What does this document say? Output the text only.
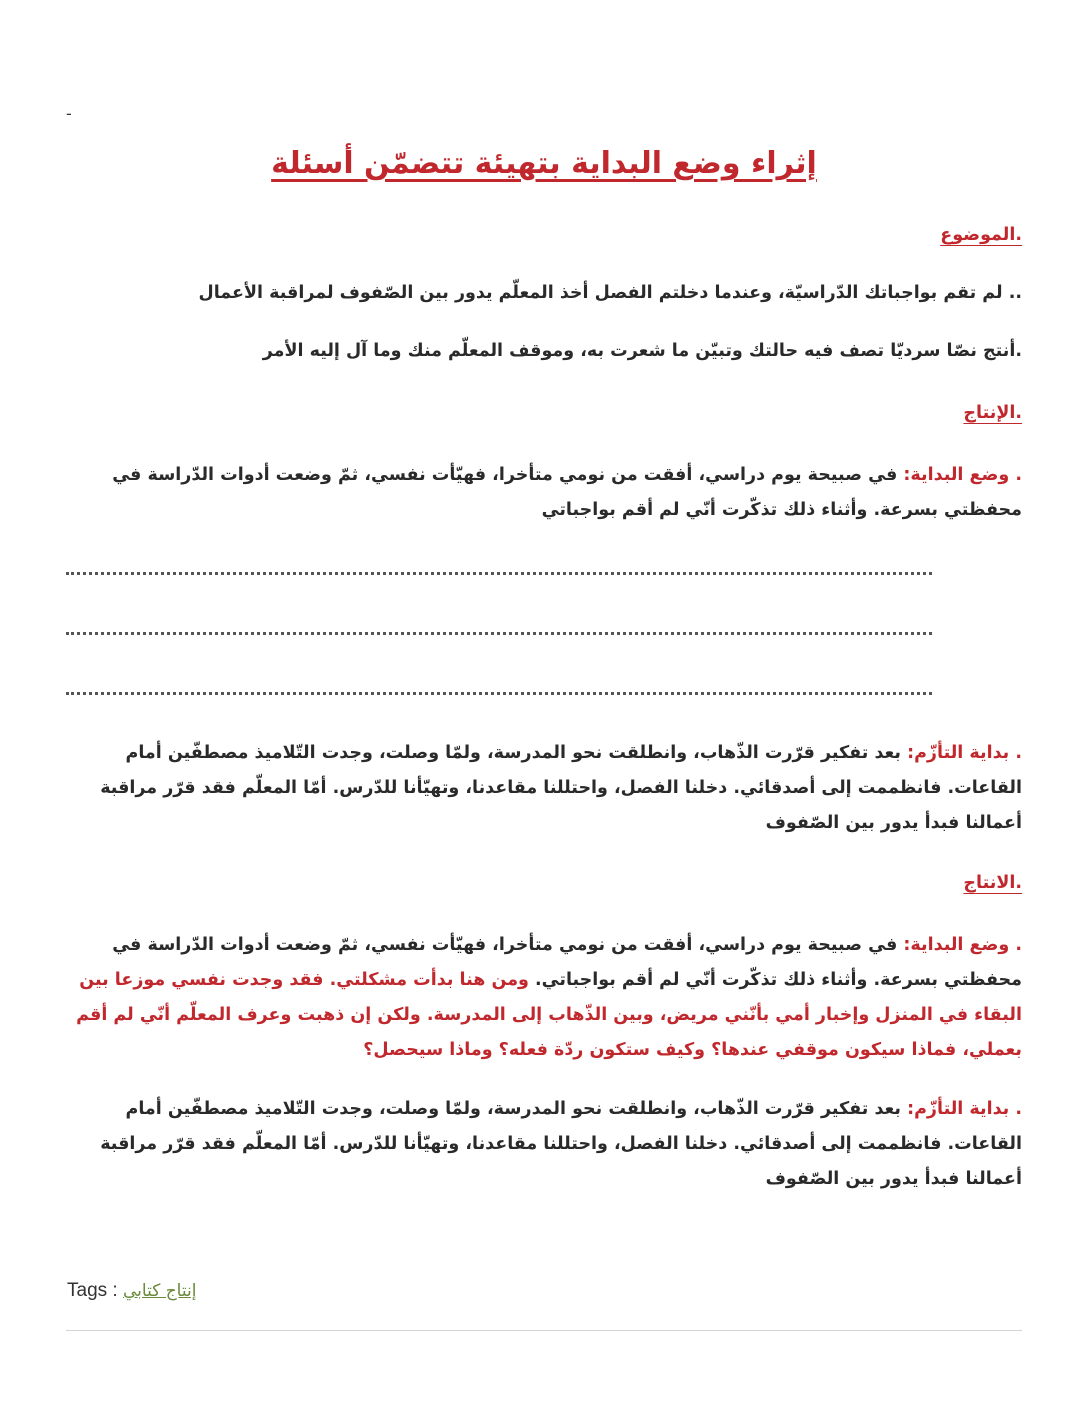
-
إثراء وضع البداية بتهيئة تتضمّن أسئلة
.الموضوع
.. لم تقم بواجباتك الدّراسيّة، وعندما دخلتم الفصل أخذ المعلّم يدور بين الصّفوف لمراقبة الأعمال
.أنتج نصّا سرديّا تصف فيه حالتك وتبيّن ما شعرت به، وموقف المعلّم منك وما آل إليه الأمر
.الإنتاج
. وضع البداية: في صبيحة يوم دراسي، أفقت من نومي متأخرا، فهيّأت نفسي، ثمّ وضعت أدوات الدّراسة في محفظتي بسرعة. وأثناء ذلك تذكّرت أنّي لم أقم بواجباتي
. بداية التأزّم: بعد تفكير قرّرت الذّهاب، وانطلقت نحو المدرسة، ولمّا وصلت، وجدت التّلاميذ مصطفّين أمام القاعات. فانظممت إلى أصدقائي. دخلنا الفصل، واحتللنا مقاعدنا، وتهيّأنا للدّرس. أمّا المعلّم فقد قرّر مراقبة أعمالنا فبدأ يدور بين الصّفوف
.الانتاج
. وضع البداية: في صبيحة يوم دراسي، أفقت من نومي متأخرا، فهيّأت نفسي، ثمّ وضعت أدوات الدّراسة في محفظتي بسرعة. وأثناء ذلك تذكّرت أنّي لم أقم بواجباتي. ومن هنا بدأت مشكلتي. فقد وجدت نفسي موزعا بين البقاء في المنزل وإخبار أمي بأنّني مريض، وبين الذّهاب إلى المدرسة. ولكن إن ذهبت وعرف المعلّم أنّي لم أقم بعملي، فماذا سيكون موقفي عندها؟ وكيف ستكون ردّة فعله؟ وماذا سيحصل؟
. بداية التأزّم: بعد تفكير قرّرت الذّهاب، وانطلقت نحو المدرسة، ولمّا وصلت، وجدت التّلاميذ مصطفّين أمام القاعات. فانظممت إلى أصدقائي. دخلنا الفصل، واحتللنا مقاعدنا، وتهيّأنا للدّرس. أمّا المعلّم فقد قرّر مراقبة أعمالنا فبدأ يدور بين الصّفوف
Tags : إنتاج كتابي
